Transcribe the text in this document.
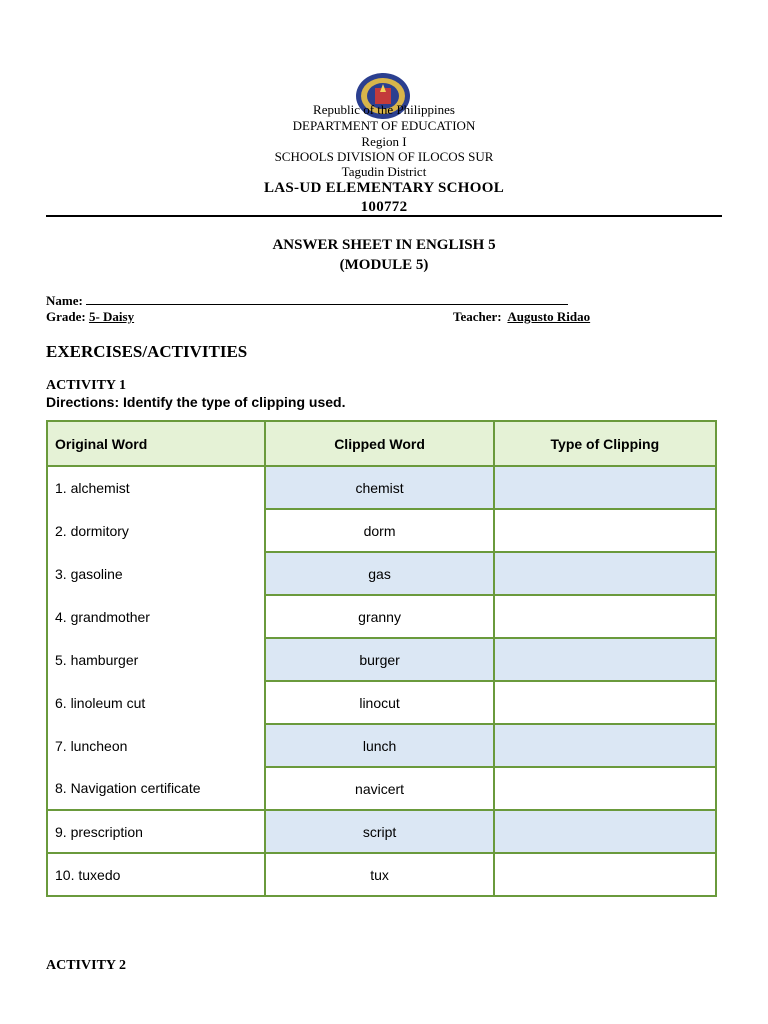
Republic of the Philippines
DEPARTMENT OF EDUCATION
Region I
SCHOOLS DIVISION OF ILOCOS SUR
Tagudin District
LAS-UD ELEMENTARY SCHOOL
100772
ANSWER SHEET IN ENGLISH 5
(MODULE 5)
Name:
Grade: 5- Daisy	Teacher: Augusto Ridao
EXERCISES/ACTIVITIES
ACTIVITY 1
Directions: Identify the type of clipping used.
Original Word	Clipped Word	Type of Clipping
1. alchemist	chemist	
2. dormitory	dorm	
3. gasoline	gas	
4. grandmother	granny	
5. hamburger	burger	
6. linoleum cut	linocut	
7. luncheon	lunch	
8. Navigation certificate	navicert	
9. prescription	script	
10. tuxedo	tux	
ACTIVITY 2
